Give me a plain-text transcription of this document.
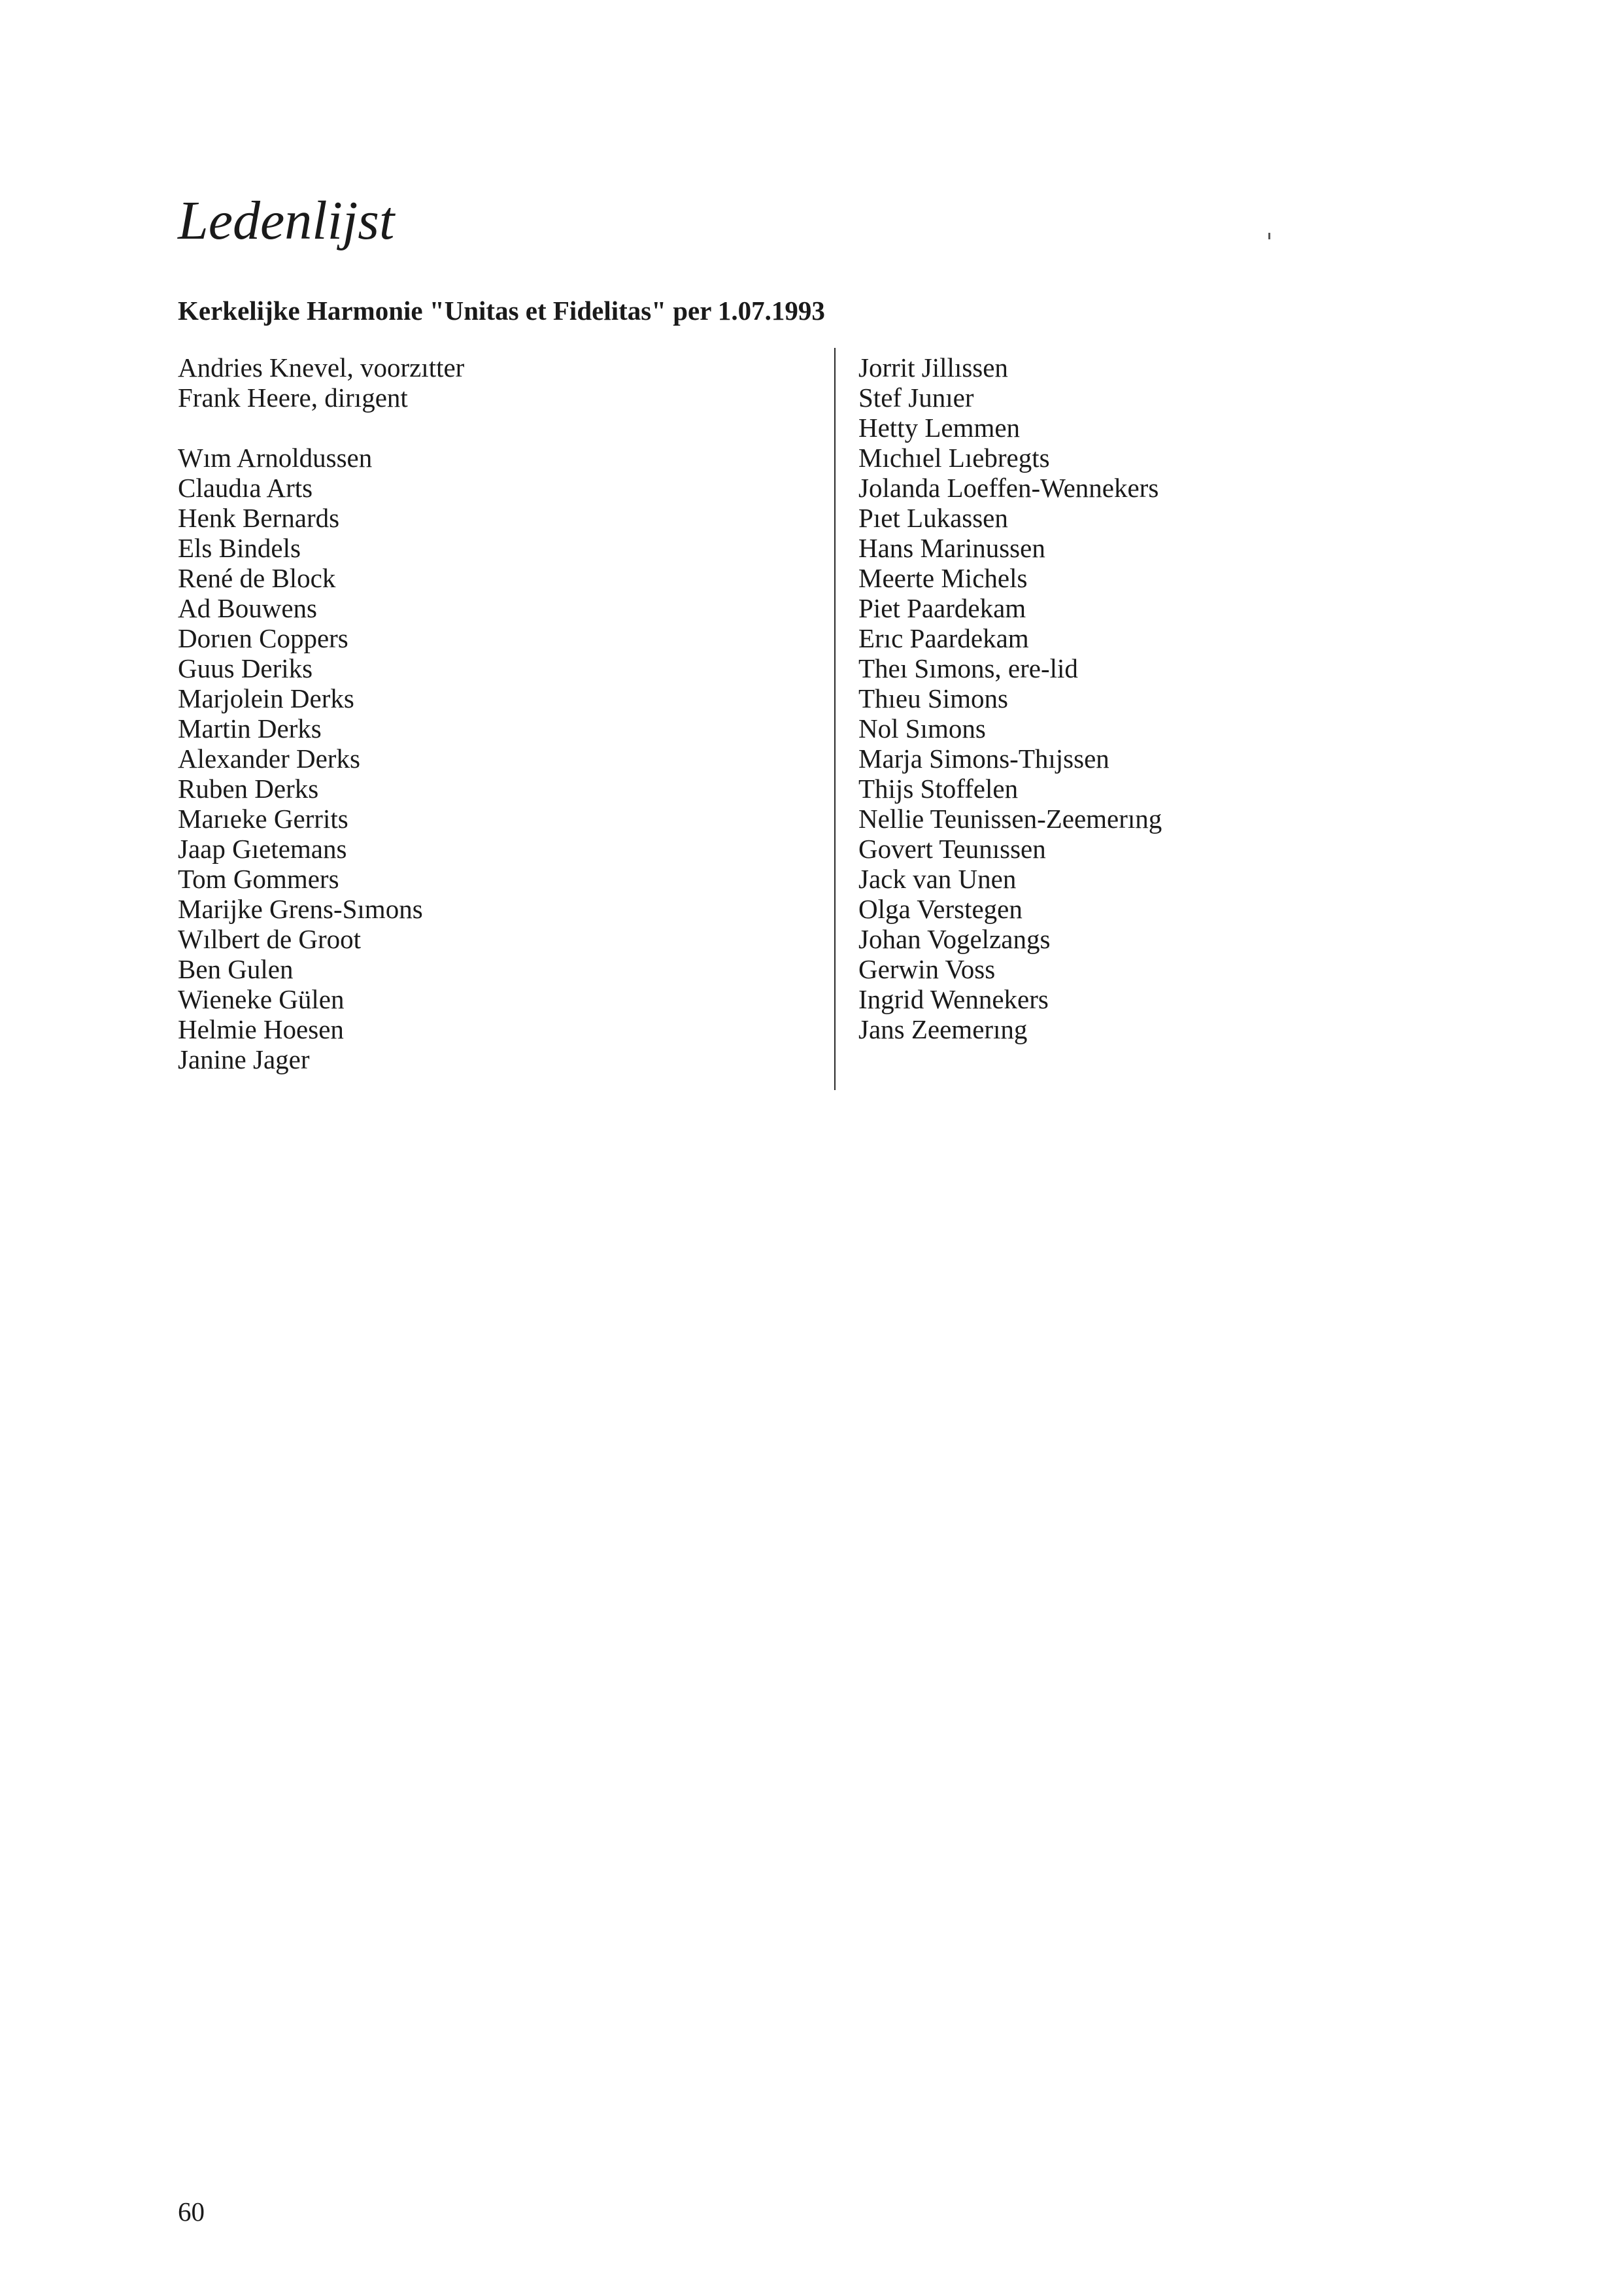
Ledenlijst

Kerkelijke Harmonie "Unitas et Fidelitas" per 1.07.1993

Andries Knevel, voorzıtter
Frank Heere, dirıgent
Wım Arnoldussen
Claudıa Arts
Henk Bernards
Els Bindels
René de Block
Ad Bouwens
Dorıen Coppers
Guus Deriks
Marjolein Derks
Martin Derks
Alexander Derks
Ruben Derks
Marıeke Gerrits
Jaap Gıetemans
Tom Gommers
Marijke Grens-Sımons
Wılbert de Groot
Ben Gulen
Wieneke Gülen
Helmie Hoesen
Janine Jager
Jorrit Jillıssen
Stef Junıer
Hetty Lemmen
Mıchıel Lıebregts
Jolanda Loeffen-Wennekers
Pıet Lukassen
Hans Marinussen
Meerte Michels
Piet Paardekam
Erıc Paardekam
Theı Sımons, ere-lid
Thıeu Simons
Nol Sımons
Marja Simons-Thıjssen
Thijs Stoffelen
Nellie Teunissen-Zeemerıng
Govert Teunıssen
Jack van Unen
Olga Verstegen
Johan Vogelzangs
Gerwin Voss
Ingrid Wennekers
Jans Zeemerıng

60
